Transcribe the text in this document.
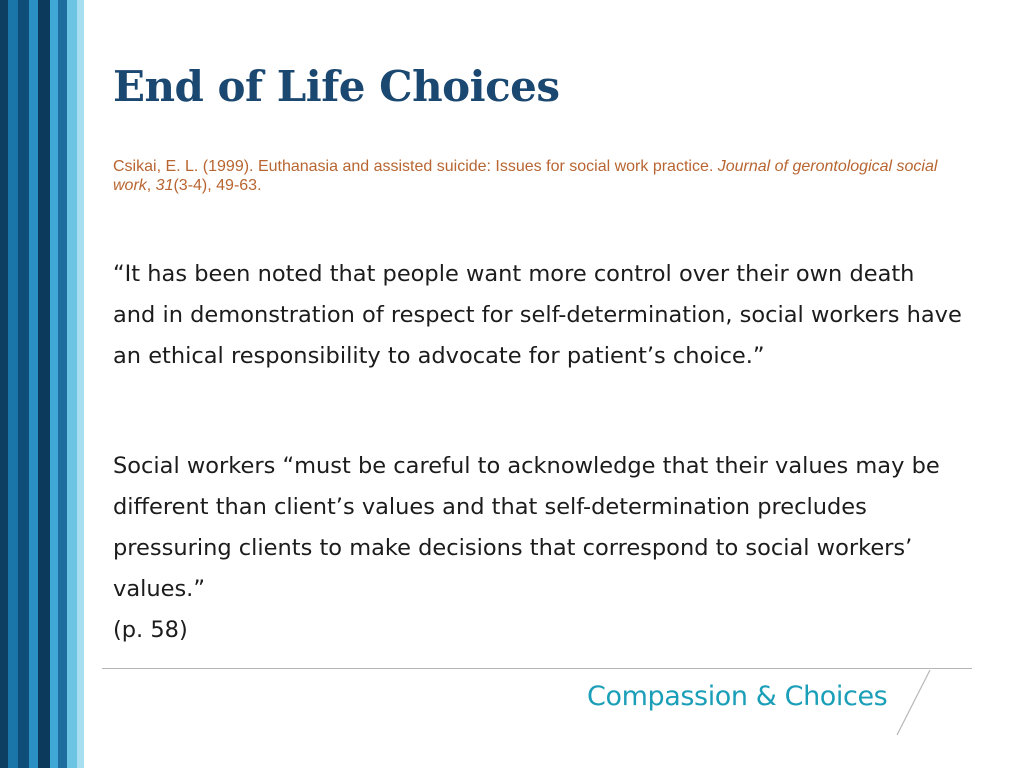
End of Life Choices

Csikai, E. L. (1999). Euthanasia and assisted suicide: Issues for social work practice. Journal of gerontological social work, 31(3-4), 49-63.

“It has been noted that people want more control over their own death and in demonstration of respect for self-determination, social workers have an ethical responsibility to advocate for patient’s choice.”

Social workers “must be careful to acknowledge that their values may be different than client’s values and that self-determination precludes pressuring clients to make decisions that correspond to social workers’ values.”
(p. 58)

Compassion & Choices
